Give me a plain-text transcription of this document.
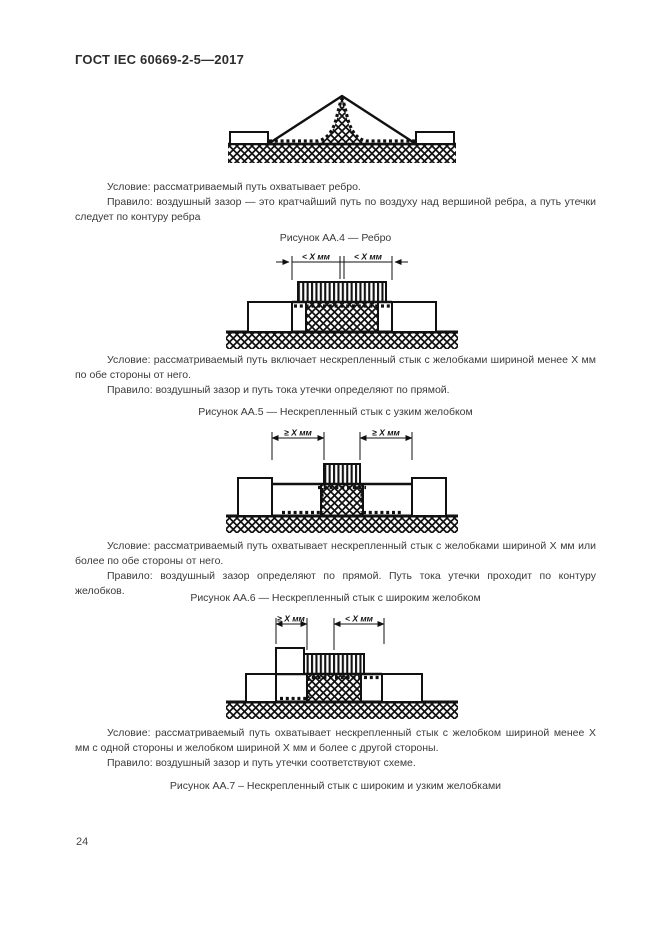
ГОСТ IEC 60669-2-5—2017

Условие: рассматриваемый путь охватывает ребро.

Правило: воздушный зазор — это кратчайший путь по воздуху над вершиной ребра, а путь утечки следует по контуру ребра

Рисунок АА.4 — Ребро
< X мм	< X мм

Условие: рассматриваемый путь включает нескрепленный стык с желобками шириной менее X мм по обе стороны от него.

Правило: воздушный зазор и путь тока утечки определяют по прямой.

Рисунок АА.5 — Нескрепленный стык с узким желобком
≥ X мм	≥ X мм

Условие: рассматриваемый путь охватывает нескрепленный стык с желобками шириной X мм или более по обе стороны от него.

Правило: воздушный зазор определяют по прямой. Путь тока утечки проходит по контуру желобков.

Рисунок АА.6 — Нескрепленный стык с широким желобком
≥ X мм	< X мм

Условие: рассматриваемый путь охватывает нескрепленный стык с желобком шириной менее X мм с одной стороны и желобком шириной X мм и более с другой стороны.

Правило: воздушный зазор и путь утечки соответствуют схеме.

Рисунок АА.7 – Нескрепленный стык с широким и узким желобками
24
